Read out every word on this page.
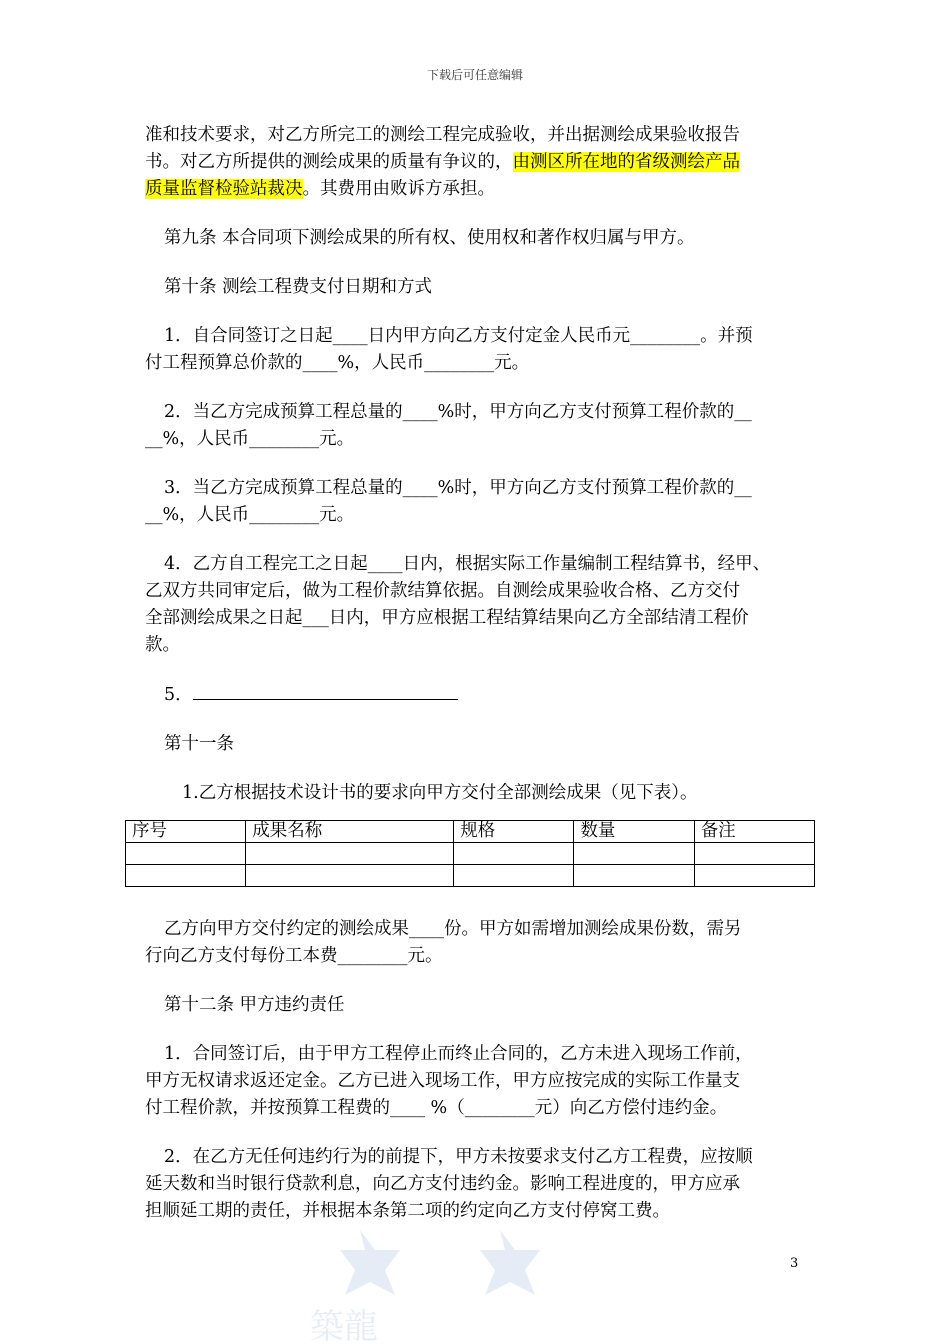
下载后可任意编辑

准和技术要求，对乙方所完工的测绘工程完成验收，并出据测绘成果验收报告

书。对乙方所提供的测绘成果的质量有争议的，由测区所在地的省级测绘产品

质量监督检验站裁决。其费用由败诉方承担。

第九条 本合同项下测绘成果的所有权、使用权和著作权归属与甲方。

第十条 测绘工程费支付日期和方式

1．自合同签订之日起____日内甲方向乙方支付定金人民币元________。并预

付工程预算总价款的____%，人民币________元。

2．当乙方完成预算工程总量的____%时，甲方向乙方支付预算工程价款的__

__%，人民币________元。

3．当乙方完成预算工程总量的____%时，甲方向乙方支付预算工程价款的__

__%，人民币________元。

4．乙方自工程完工之日起____日内，根据实际工作量编制工程结算书，经甲、

乙双方共同审定后，做为工程价款结算依据。自测绘成果验收合格、乙方交付

全部测绘成果之日起___日内，甲方应根据工程结算结果向乙方全部结清工程价

款。

5．

第十一条

1.乙方根据技术设计书的要求向甲方交付全部测绘成果（见下表）。

序号	成果名称	规格	数量	备注

乙方向甲方交付约定的测绘成果____份。甲方如需增加测绘成果份数，需另

行向乙方支付每份工本费________元。

第十二条 甲方违约责任

1．合同签订后，由于甲方工程停止而终止合同的，乙方未进入现场工作前，

甲方无权请求返还定金。乙方已进入现场工作，甲方应按完成的实际工作量支

付工程价款，并按预算工程费的____ %（________元）向乙方偿付违约金。

2．在乙方无任何违约行为的前提下，甲方未按要求支付乙方工程费，应按顺

延天数和当时银行贷款利息，向乙方支付违约金。影响工程进度的，甲方应承

担顺延工期的责任，并根据本条第二项的约定向乙方支付停窝工费。

3
築龍
